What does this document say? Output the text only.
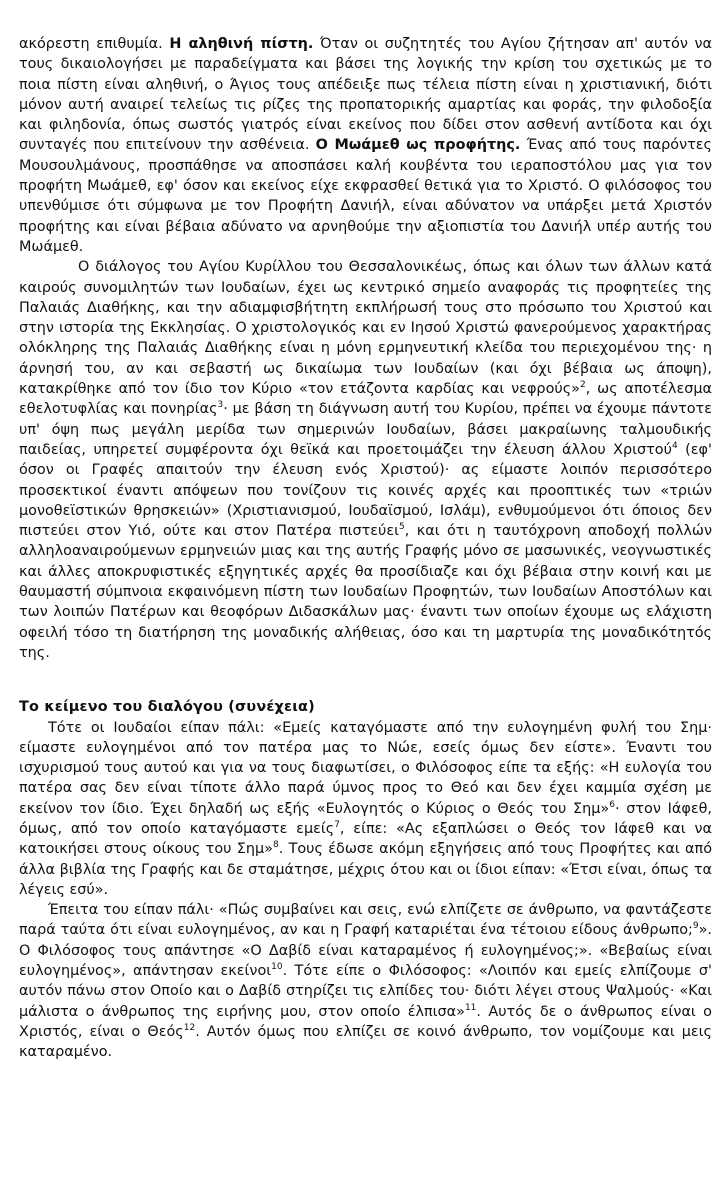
ακόρεστη επιθυμία. Η αληθινή πίστη. Όταν οι συζητητές του Αγίου ζήτησαν απ' αυτόν να τους δικαιολογήσει με παραδείγματα και βάσει της λογικής την κρίση του σχετικώς με το ποια πίστη είναι αληθινή, ο Άγιος τους απέδειξε πως τέλεια πίστη είναι η χριστιανική, διότι μόνον αυτή αναιρεί τελείως τις ρίζες της προπατορικής αμαρτίας και φοράς, την φιλοδοξία και φιληδονία, όπως σωστός γιατρός είναι εκείνος που δίδει στον ασθενή αντίδοτα και όχι συνταγές που επιτείνουν την ασθένεια. Ο Μωάμεθ ως προφήτης. Ένας από τους παρόντες Μουσουλμάνους, προσπάθησε να αποσπάσει καλή κουβέντα του ιεραποστόλου μας για τον προφήτη Μωάμεθ, εφ' όσον και εκείνος είχε εκφρασθεί θετικά για το Χριστό. Ο φιλόσοφος του υπενθύμισε ότι σύμφωνα με τον Προφήτη Δανιήλ, είναι αδύνατον να υπάρξει μετά Χριστόν προφήτης και είναι βέβαια αδύνατο να αρνηθούμε την αξιοπιστία του Δανιήλ υπέρ αυτής του Μωάμεθ.

Ο διάλογος του Αγίου Κυρίλλου του Θεσσαλονικέως, όπως και όλων των άλλων κατά καιρούς συνομιλητών των Ιουδαίων, έχει ως κεντρικό σημείο αναφοράς τις προφητείες της Παλαιάς Διαθήκης, και την αδιαμφισβήτητη εκπλήρωσή τους στο πρόσωπο του Χριστού και στην ιστορία της Εκκλησίας. Ο χριστολογικός και εν Ιησού Χριστώ φανερούμενος χαρακτήρας ολόκληρης της Παλαιάς Διαθήκης είναι η μόνη ερμηνευτική κλείδα του περιεχομένου της· η άρνησή του, αν και σεβαστή ως δικαίωμα των Ιουδαίων (και όχι βέβαια ως άποψη), κατακρίθηκε από τον ίδιο τον Κύριο «τον ετάζοντα καρδίας και νεφρούς»$^2$, ως αποτέλεσμα εθελοτυφλίας και πονηρίας$^3$· με βάση τη διάγνωση αυτή του Κυρίου, πρέπει να έχουμε πάντοτε υπ' όψη πως μεγάλη μερίδα των σημερινών Ιουδαίων, βάσει μακραίωνης ταλμουδικής παιδείας, υπηρετεί συμφέροντα όχι θεϊκά και προετοιμάζει την έλευση άλλου Χριστού$^4$ (εφ' όσον οι Γραφές απαιτούν την έλευση ενός Χριστού)· ας είμαστε λοιπόν περισσότερο προσεκτικοί έναντι απόψεων που τονίζουν τις κοινές αρχές και προοπτικές των «τριών μονοθεϊστικών θρησκειών» (Χριστιανισμού, Ιουδαϊσμού, Ισλάμ), ενθυμούμενοι ότι όποιος δεν πιστεύει στον Υιό, ούτε και στον Πατέρα πιστεύει$^5$, και ότι η ταυτόχρονη αποδοχή πολλών αλληλοαναιρούμενων ερμηνειών μιας και της αυτής Γραφής μόνο σε μασωνικές, νεογνωστικές και άλλες αποκρυφιστικές εξηγητικές αρχές θα προσίδιαζε και όχι βέβαια στην κοινή και με θαυμαστή σύμπνοια εκφαινόμενη πίστη των Ιουδαίων Προφητών, των Ιουδαίων Αποστόλων και των λοιπών Πατέρων και θεοφόρων Διδασκάλων μας· έναντι των οποίων έχουμε ως ελάχιστη οφειλή τόσο τη διατήρηση της μοναδικής αλήθειας, όσο και τη μαρτυρία της μοναδικότητός της.

Το κείμενο του διαλόγου (συνέχεια)

Τότε οι Ιουδαίοι είπαν πάλι: «Εμείς καταγόμαστε από την ευλογημένη φυλή του Σημ· είμαστε ευλογημένοι από τον πατέρα μας το Νώε, εσείς όμως δεν είστε». Έναντι του ισχυρισμού τους αυτού και για να τους διαφωτίσει, ο Φιλόσοφος είπε τα εξής: «Η ευλογία του πατέρα σας δεν είναι τίποτε άλλο παρά ύμνος προς το Θεό και δεν έχει καμμία σχέση με εκείνον τον ίδιο. Έχει δηλαδή ως εξής «Ευλογητός ο Κύριος ο Θεός του Σημ»$^6$· στον Ιάφεθ, όμως, από τον οποίο καταγόμαστε εμείς$^7$, είπε: «Ας εξαπλώσει ο Θεός τον Ιάφεθ και να κατοικήσει στους οίκους του Σημ»$^8$. Τους έδωσε ακόμη εξηγήσεις από τους Προφήτες και από άλλα βιβλία της Γραφής και δε σταμάτησε, μέχρις ότου και οι ίδιοι είπαν: «Έτσι είναι, όπως τα λέγεις εσύ».

Έπειτα του είπαν πάλι· «Πώς συμβαίνει και σεις, ενώ ελπίζετε σε άνθρωπο, να φαντάζεστε παρά ταύτα ότι είναι ευλογημένος, αν και η Γραφή καταριέται ένα τέτοιου είδους άνθρωπο;$^9$». Ο Φιλόσοφος τους απάντησε «Ο Δαβίδ είναι καταραμένος ή ευλογημένος;». «Βεβαίως είναι ευλογημένος», απάντησαν εκείνοι$^{10}$. Τότε είπε ο Φιλόσοφος: «Λοιπόν και εμείς ελπίζουμε σ' αυτόν πάνω στον Οποίο και ο Δαβίδ στηρίζει τις ελπίδες του· διότι λέγει στους Ψαλμούς· «Και μάλιστα ο άνθρωπος της ειρήνης μου, στον οποίο έλπισα»$^{11}$. Αυτός δε ο άνθρωπος είναι ο Χριστός, είναι ο Θεός$^{12}$. Αυτόν όμως που ελπίζει σε κοινό άνθρωπο, τον νομίζουμε και μεις καταραμένο.
